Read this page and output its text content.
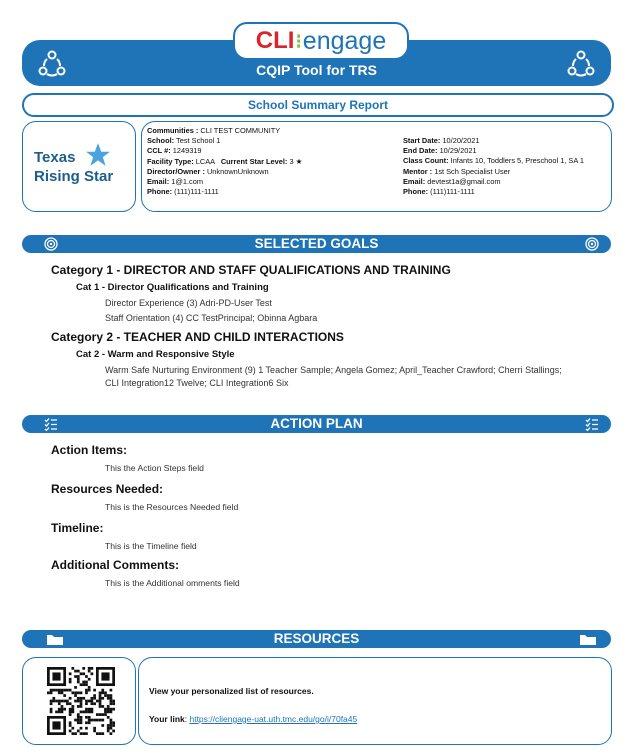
CLI ⁝ engage
CQIP Tool for TRS
School Summary Report
Texas
Rising Star
Communities : CLI TEST COMMUNITY
School: Test School 1
CCL #: 1249319
Facility Type: LCAA Current Star Level: 3 ★
Director/Owner : UnknownUnknown
Email: 1@1.com
Phone: (111)111-1111
Start Date: 10/20/2021
End Date: 10/29/2021
Class Count: Infants 10, Toddlers 5, Preschool 1, SA 1
Mentor : 1st Sch Specialist User
Email: devtest1a@gmail.com
Phone: (111)111-1111
SELECTED GOALS
Category 1 - DIRECTOR AND STAFF QUALIFICATIONS AND TRAINING
Cat 1 - Director Qualifications and Training
Director Experience (3) Adri-PD-User Test
Staff Orientation (4) CC TestPrincipal; Obinna Agbara
Category 2 - TEACHER AND CHILD INTERACTIONS
Cat 2 - Warm and Responsive Style
Warm Safe Nurturing Environment (9) 1 Teacher Sample; Angela Gomez; April_Teacher Crawford; Cherri Stallings;
CLI Integration12 Twelve; CLI Integration6 Six
ACTION PLAN
Action Items:
This the Action Steps field
Resources Needed:
This is the Resources Needed field
Timeline:
This is the Timeline field
Additional Comments:
This is the Additional omments field
RESOURCES
View your personalized list of resources.
Your link: https://cliengage-uat.uth.tmc.edu/go/i/70fa45
